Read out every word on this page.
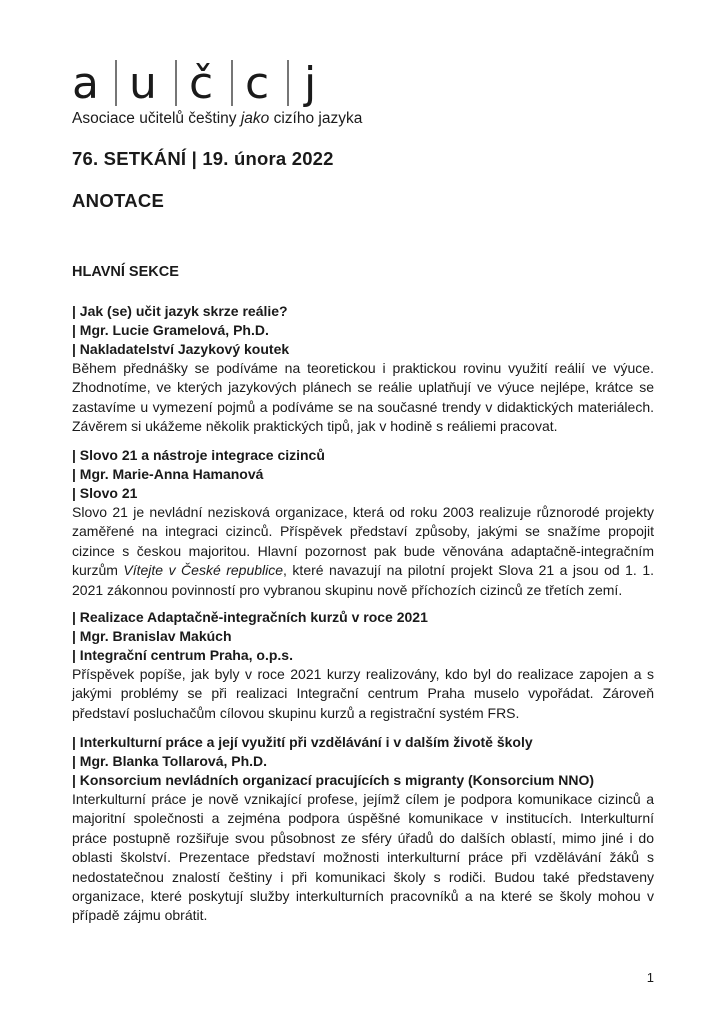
a u č c j
Asociace učitelů češtiny jako cizího jazyka
76. SETKÁNÍ | 19. února 2022
ANOTACE
HLAVNÍ SEKCE
| Jak (se) učit jazyk skrze reálie?
| Mgr. Lucie Gramelová, Ph.D.
| Nakladatelství Jazykový koutek

Během přednášky se podíváme na teoretickou i praktickou rovinu využití reálií ve výuce. Zhodnotíme, ve kterých jazykových plánech se reálie uplatňují ve výuce nejlépe, krátce se zastavíme u vymezení pojmů a podíváme se na současné trendy v didaktických materiálech. Závěrem si ukážeme několik praktických tipů, jak v hodině s reáliemi pracovat.

| Slovo 21 a nástroje integrace cizinců
| Mgr. Marie-Anna Hamanová
| Slovo 21

Slovo 21 je nevládní nezisková organizace, která od roku 2003 realizuje různorodé projekty zaměřené na integraci cizinců. Příspěvek představí způsoby, jakými se snažíme propojit cizince s českou majoritou. Hlavní pozornost pak bude věnována adaptačně-integračním kurzům Vítejte v České republice, které navazují na pilotní projekt Slova 21 a jsou od 1. 1. 2021 zákonnou povinností pro vybranou skupinu nově příchozích cizinců ze třetích zemí.

| Realizace Adaptačně-integračních kurzů v roce 2021
| Mgr. Branislav Makúch
| Integrační centrum Praha, o.p.s.

Příspěvek popíše, jak byly v roce 2021 kurzy realizovány, kdo byl do realizace zapojen a s jakými problémy se při realizaci Integrační centrum Praha muselo vypořádat. Zároveň představí posluchačům cílovou skupinu kurzů a registrační systém FRS.

| Interkulturní práce a její využití při vzdělávání i v dalším životě školy
| Mgr. Blanka Tollarová, Ph.D.
| Konsorcium nevládních organizací pracujících s migranty (Konsorcium NNO)

Interkulturní práce je nově vznikající profese, jejímž cílem je podpora komunikace cizinců a majoritní společnosti a zejména podpora úspěšné komunikace v institucích. Interkulturní práce postupně rozšiřuje svou působnost ze sféry úřadů do dalších oblastí, mimo jiné i do oblasti školství. Prezentace představí možnosti interkulturní práce při vzdělávání žáků s nedostatečnou znalostí češtiny i při komunikaci školy s rodiči. Budou také představeny organizace, které poskytují služby interkulturních pracovníků a na které se školy mohou v případě zájmu obrátit.

1
